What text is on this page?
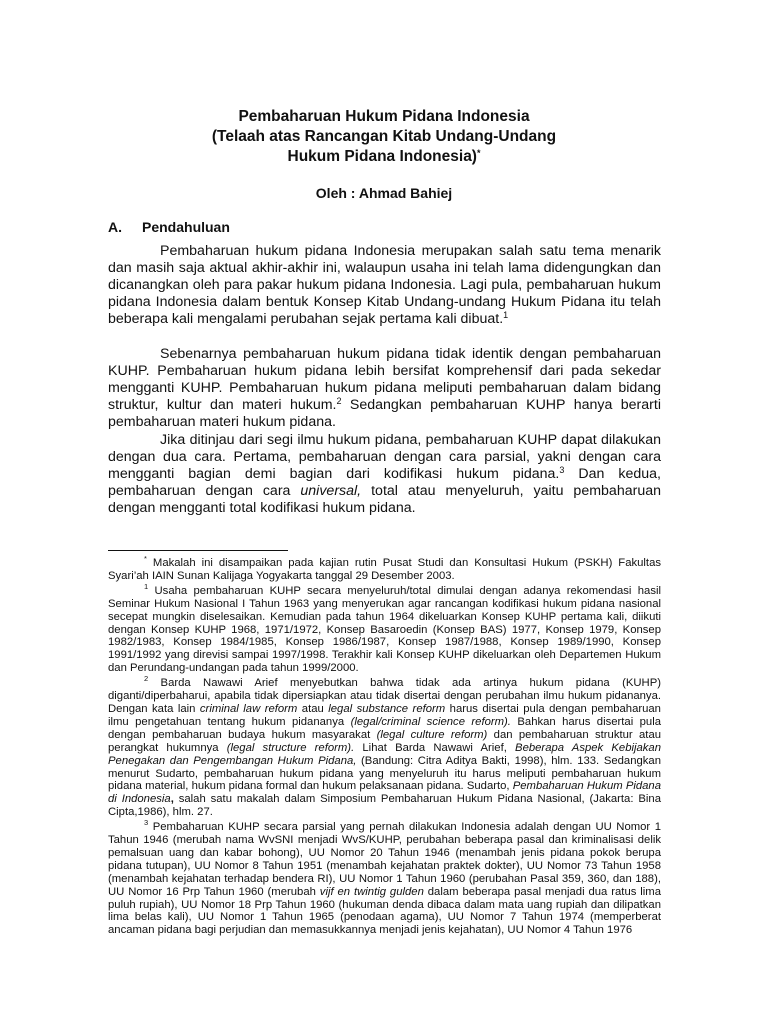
Pembaharuan Hukum Pidana Indonesia
(Telaah atas Rancangan Kitab Undang-Undang
Hukum Pidana Indonesia)*
Oleh : Ahmad Bahiej
A. Pendahuluan

Pembaharuan hukum pidana Indonesia merupakan salah satu tema menarik dan masih saja aktual akhir-akhir ini, walaupun usaha ini telah lama didengungkan dan dicanangkan oleh para pakar hukum pidana Indonesia. Lagi pula, pembaharuan hukum pidana Indonesia dalam bentuk Konsep Kitab Undang-undang Hukum Pidana itu telah beberapa kali mengalami perubahan sejak pertama kali dibuat.$^1$

Sebenarnya pembaharuan hukum pidana tidak identik dengan pembaharuan KUHP. Pembaharuan hukum pidana lebih bersifat komprehensif dari pada sekedar mengganti KUHP. Pembaharuan hukum pidana meliputi pembaharuan dalam bidang struktur, kultur dan materi hukum.$^2$ Sedangkan pembaharuan KUHP hanya berarti pembaharuan materi hukum pidana.

Jika ditinjau dari segi ilmu hukum pidana, pembaharuan KUHP dapat dilakukan dengan dua cara. Pertama, pembaharuan dengan cara parsial, yakni dengan cara mengganti bagian demi bagian dari kodifikasi hukum pidana.$^3$ Dan kedua, pembaharuan dengan cara universal, total atau menyeluruh, yaitu pembaharuan dengan mengganti total kodifikasi hukum pidana.

* Makalah ini disampaikan pada kajian rutin Pusat Studi dan Konsultasi Hukum (PSKH) Fakultas Syari’ah IAIN Sunan Kalijaga Yogyakarta tanggal 29 Desember 2003.

$^1$ Usaha pembaharuan KUHP secara menyeluruh/total dimulai dengan adanya rekomendasi hasil Seminar Hukum Nasional I Tahun 1963 yang menyerukan agar rancangan kodifikasi hukum pidana nasional secepat mungkin diselesaikan. Kemudian pada tahun 1964 dikeluarkan Konsep KUHP pertama kali, diikuti dengan Konsep KUHP 1968, 1971/1972, Konsep Basaroedin (Konsep BAS) 1977, Konsep 1979, Konsep 1982/1983, Konsep 1984/1985, Konsep 1986/1987, Konsep 1987/1988, Konsep 1989/1990, Konsep 1991/1992 yang direvisi sampai 1997/1998. Terakhir kali Konsep KUHP dikeluarkan oleh Departemen Hukum dan Perundang-undangan pada tahun 1999/2000.

$^2$ Barda Nawawi Arief menyebutkan bahwa tidak ada artinya hukum pidana (KUHP) diganti/diperbaharui, apabila tidak dipersiapkan atau tidak disertai dengan perubahan ilmu hukum pidananya. Dengan kata lain criminal law reform atau legal substance reform harus disertai pula dengan pembaharuan ilmu pengetahuan tentang hukum pidananya (legal/criminal science reform). Bahkan harus disertai pula dengan pembaharuan budaya hukum masyarakat (legal culture reform) dan pembaharuan struktur atau perangkat hukumnya (legal structure reform). Lihat Barda Nawawi Arief, Beberapa Aspek Kebijakan Penegakan dan Pengembangan Hukum Pidana, (Bandung: Citra Aditya Bakti, 1998), hlm. 133. Sedangkan menurut Sudarto, pembaharuan hukum pidana yang menyeluruh itu harus meliputi pembaharuan hukum pidana material, hukum pidana formal dan hukum pelaksanaan pidana. Sudarto, Pembaharuan Hukum Pidana di Indonesia, salah satu makalah dalam Simposium Pembaharuan Hukum Pidana Nasional, (Jakarta: Bina Cipta,1986), hlm. 27.

$^3$ Pembaharuan KUHP secara parsial yang pernah dilakukan Indonesia adalah dengan UU Nomor 1 Tahun 1946 (merubah nama WvSNI menjadi WvS/KUHP, perubahan beberapa pasal dan kriminalisasi delik pemalsuan uang dan kabar bohong), UU Nomor 20 Tahun 1946 (menambah jenis pidana pokok berupa pidana tutupan), UU Nomor 8 Tahun 1951 (menambah kejahatan praktek dokter), UU Nomor 73 Tahun 1958 (menambah kejahatan terhadap bendera RI), UU Nomor 1 Tahun 1960 (perubahan Pasal 359, 360, dan 188), UU Nomor 16 Prp Tahun 1960 (merubah vijf en twintig gulden dalam beberapa pasal menjadi dua ratus lima puluh rupiah), UU Nomor 18 Prp Tahun 1960 (hukuman denda dibaca dalam mata uang rupiah dan dilipatkan lima belas kali), UU Nomor 1 Tahun 1965 (penodaan agama), UU Nomor 7 Tahun 1974 (memperberat ancaman pidana bagi perjudian dan memasukkannya menjadi jenis kejahatan), UU Nomor 4 Tahun 1976
